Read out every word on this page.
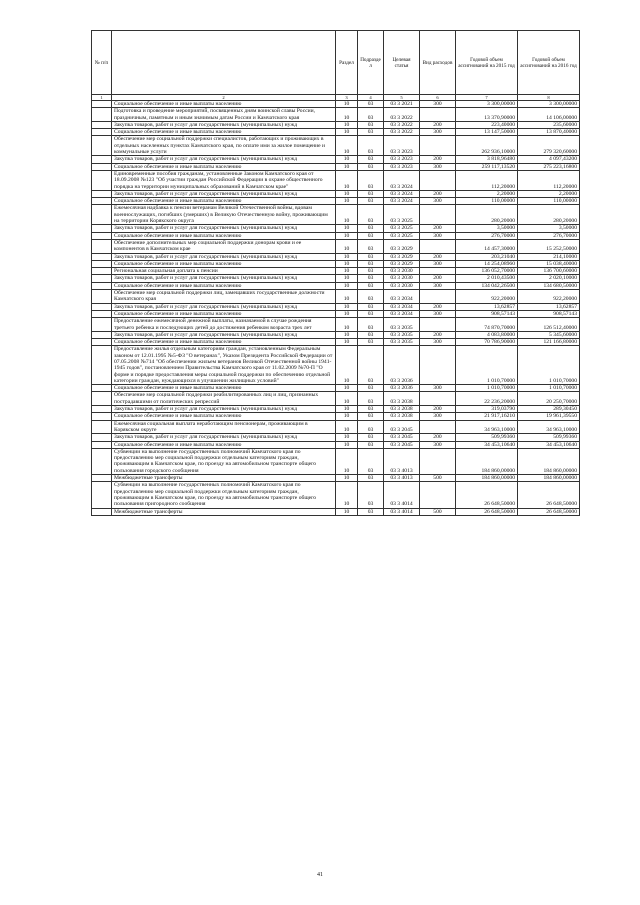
№ п/п		Раздел	Подраздел	Целевая статья	Вид расходов	Годовой объем ассигнований на 2015 год	Годовой объем ассигнований на 2016 год
1	2	3	4	5	6	7	8
	Социальное обеспечение и иные выплаты населению	10	03	03 3 2021	300	3 300,00000	3 300,00000
	Подготовка и проведение мероприятий, посвященных дням воинской славы России, праздничным, памятным и иным значимым датам России и Камчатского края	10	03	03 3 2022		13 370,90000	14 106,00000
	Закупка товаров, работ и услуг для государственных (муниципальных) нужд	10	03	03 3 2022	200	223,40000	235,60000
	Социальное обеспечение и иные выплаты населению	10	03	03 3 2022	300	13 147,50000	13 870,40000
	Обеспечение мер социальной поддержки специалистов, работающих и проживающих в отдельных населенных пунктах Камчатского края, по оплате ими за жилое помещение и коммунальные услуги	10	03	03 3 2023		262 936,10000	279 320,60000
	Закупка товаров, работ и услуг для государственных (муниципальных) нужд	10	03	03 3 2023	200	3 818,96480	4 097,43200
	Социальное обеспечение и иные выплаты населению	10	03	03 3 2023	300	259 117,13520	275 223,16800
	Единовременные пособия гражданам, установленные Законом Камчатского края от 18.09.2008 №123 "Об участии граждан Российской Федерации в охране общественного порядка на территории муниципальных образований в Камчатском крае"	10	03	03 3 2024		112,20000	112,20000
	Закупка товаров, работ и услуг для государственных (муниципальных) нужд	10	03	03 3 2024	200	2,20000	2,20000
	Социальное обеспечение и иные выплаты населению	10	03	03 3 2024	300	110,00000	110,00000
	Ежемесячная надбавка к пенсии ветеранам Великой Отечественной войны, вдовам военнослужащих, погибших (умерших) в Великую Отечественную войну, проживающим на территории Корякского округа	10	03	03 3 2025		280,20000	280,20000
	Закупка товаров, работ и услуг для государственных (муниципальных) нужд	10	03	03 3 2025	200	3,50000	3,50000
	Социальное обеспечение и иные выплаты населению	10	03	03 3 2025	300	276,70000	276,70000
	Обеспечение дополнительных мер социальной поддержки донорам крови и ее компонентов в Камчатском крае	10	03	03 3 2029		14 457,30000	15 252,50000
	Закупка товаров, работ и услуг для государственных (муниципальных) нужд	10	03	03 3 2029	200	203,21040	214,10000
	Социальное обеспечение и иные выплаты населению	10	03	03 3 2029	300	14 254,08960	15 038,40000
	Региональная социальная доплата к пенсии	10	03	03 3 2030		136 052,70000	136 700,60000
	Закупка товаров, работ и услуг для государственных (муниципальных) нужд	10	03	03 3 2030	200	2 010,43500	2 020,10000
	Социальное обеспечение и иные выплаты населению	10	03	03 3 2030	300	134 042,26500	134 680,50000
	Обеспечение мер социальной поддержки лиц, замещавших государственные должности Камчатского края	10	03	03 3 2034		922,20000	922,20000
	Закупка товаров, работ и услуг для государственных (муниципальных) нужд	10	03	03 3 2034	200	13,62857	13,62857
	Социальное обеспечение и иные выплаты населению	10	03	03 3 2034	300	908,57143	908,57143
	Предоставление ежемесячной денежной выплаты, назначаемой в случае рождения третьего ребенка и последующих детей до достижения ребенком возраста трех лет	10	03	03 3 2035		74 870,70000	126 512,40000
	Закупка товаров, работ и услуг для государственных (муниципальных) нужд	10	03	03 3 2035	200	4 083,80000	5 345,60000
	Социальное обеспечение и иные выплаты населению	10	03	03 3 2035	300	70 786,90000	121 166,80000
	Предоставление жилья отдельным категориям граждан, установленным Федеральным законом от 12.01.1995 №5-ФЗ "О ветеранах", Указом Президента Российской Федерации от 07.05.2008 №714 "Об обеспечении жильем ветеранов Великой Отечественной войны 1941-1945 годов", постановлением Правительства Камчатского края от 11.02.2009 №70-П "О форме и порядке предоставления меры социальной поддержки по обеспечению отдельной категории граждан, нуждающихся в улучшении жилищных условий"	10	03	03 3 2036		1 010,70000	1 010,70000
	Социальное обеспечение и иные выплаты населению	10	03	03 3 2036	300	1 010,70000	1 010,70000
	Обеспечение мер социальной поддержки реабилитированных лиц и лиц, признанных пострадавшими от политических репрессий	10	03	03 3 2038		22 236,20000	20 250,70000
	Закупка товаров, работ и услуг для государственных (муниципальных) нужд	10	03	03 3 2038	200	319,03790	289,30450
	Социальное обеспечение и иные выплаты населению	10	03	03 3 2038	300	21 917,16210	19 961,39550
	Ежемесячная социальная выплата неработающим пенсионерам, проживающим в Корякском округе	10	03	03 3 2045		34 963,10000	34 963,10000
	Закупка товаров, работ и услуг для государственных (муниципальных) нужд	10	03	03 3 2045	200	509,99360	509,99360
	Социальное обеспечение и иные выплаты населению	10	03	03 3 2045	300	34 453,10640	34 453,10640
	Субвенции на выполнение государственных полномочий Камчатского края по предоставлению мер социальной поддержки отдельным категориям граждан, проживающим в Камчатском крае, по проезду на автомобильном транспорте общего пользования городского сообщения	10	03	03 3 4013		184 860,00000	184 860,00000
	Межбюджетные трансферты	10	03	03 3 4013	500	184 860,00000	184 860,00000
	Субвенции на выполнение государственных полномочий Камчатского края по предоставлению мер социальной поддержки отдельным категориям граждан, проживающим в Камчатском крае, по проезду на автомобильном транспорте общего пользования пригородного сообщения	10	03	03 3 4014		26 648,50000	26 648,50000
	Межбюджетные трансферты	10	03	03 3 4014	500	26 648,50000	26 648,50000
41
